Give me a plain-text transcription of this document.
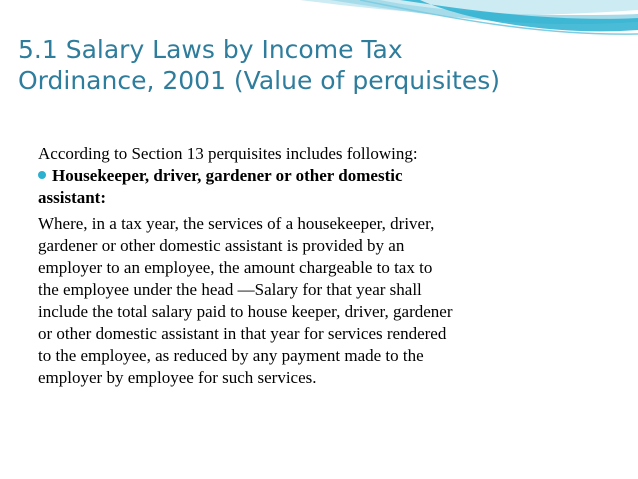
5.1 Salary Laws by Income Tax
Ordinance, 2001 (Value of perquisites)

According to Section 13 perquisites includes following:

Housekeeper, driver, gardener or other domestic
assistant:

Where, in a tax year, the services of a housekeeper, driver,
gardener or other domestic assistant is provided by an
employer to an employee, the amount chargeable to tax to
the employee under the head —Salary for that year shall
include the total salary paid to house keeper, driver, gardener
or other domestic assistant in that year for services rendered
to the employee, as reduced by any payment made to the
employer by employee for such services.
